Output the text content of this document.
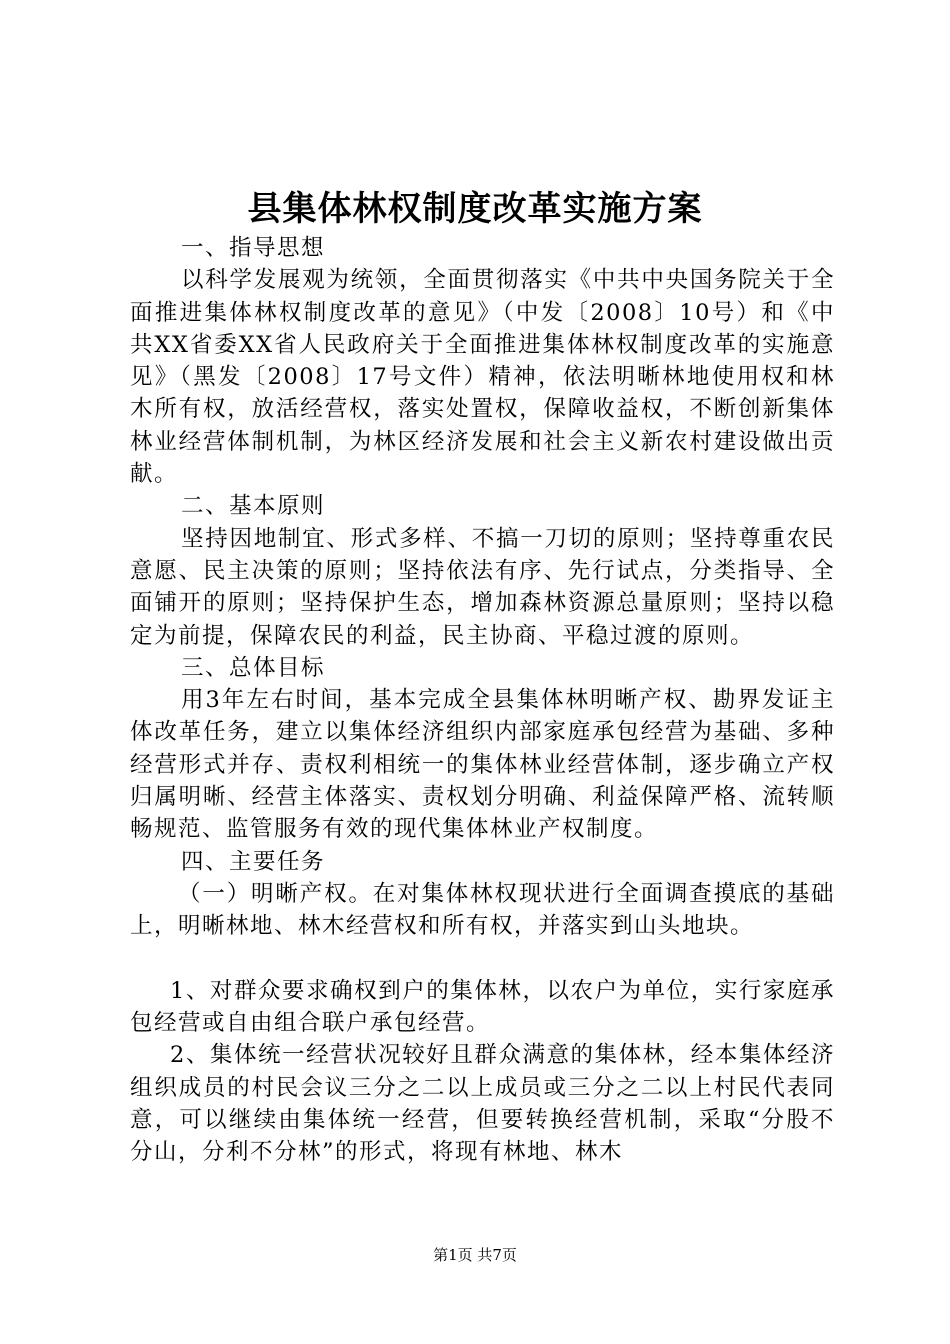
县集体林权制度改革实施方案

一、指导思想

以科学发展观为统领，全面贯彻落实《中共中央国务院关于全面推进集体林权制度改革的意见》（中发〔2008〕10号）和《中共XX省委XX省人民政府关于全面推进集体林权制度改革的实施意见》（黑发〔2008〕17号文件）精神，依法明晰林地使用权和林木所有权，放活经营权，落实处置权，保障收益权，不断创新集体林业经营体制机制，为林区经济发展和社会主义新农村建设做出贡献。

二、基本原则

坚持因地制宜、形式多样、不搞一刀切的原则；坚持尊重农民意愿、民主决策的原则；坚持依法有序、先行试点，分类指导、全面铺开的原则；坚持保护生态，增加森林资源总量原则；坚持以稳定为前提，保障农民的利益，民主协商、平稳过渡的原则。

三、总体目标

用3年左右时间，基本完成全县集体林明晰产权、勘界发证主体改革任务，建立以集体经济组织内部家庭承包经营为基础、多种经营形式并存、责权利相统一的集体林业经营体制，逐步确立产权归属明晰、经营主体落实、责权划分明确、利益保障严格、流转顺畅规范、监管服务有效的现代集体林业产权制度。

四、主要任务

（一）明晰产权。在对集体林权现状进行全面调查摸底的基础上，明晰林地、林木经营权和所有权，并落实到山头地块。

1、对群众要求确权到户的集体林，以农户为单位，实行家庭承包经营或自由组合联户承包经营。

2、集体统一经营状况较好且群众满意的集体林，经本集体经济组织成员的村民会议三分之二以上成员或三分之二以上村民代表同意，可以继续由集体统一经营，但要转换经营机制，采取“分股不分山，分利不分林”的形式，将现有林地、林木

第1页 共7页
